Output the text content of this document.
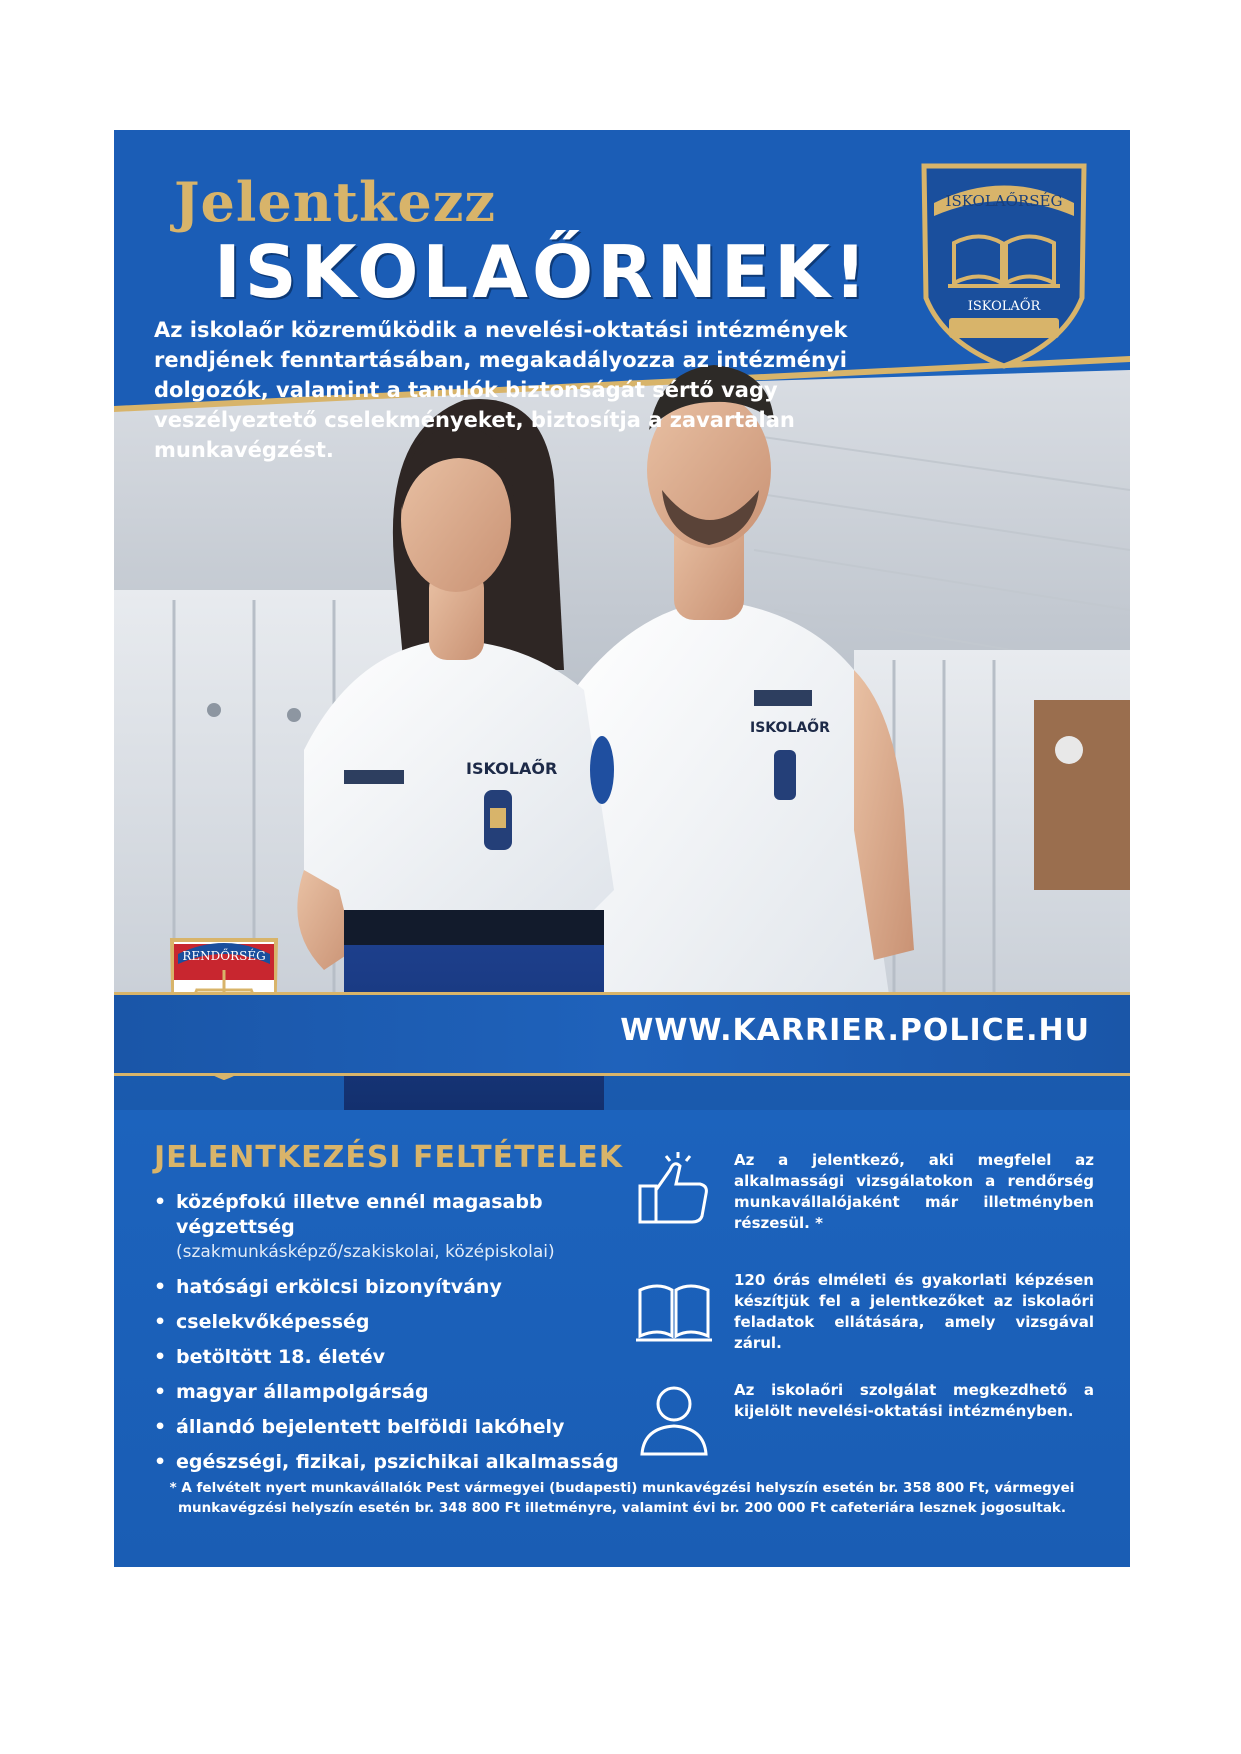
ISKOLAŐR
ISKOLAŐR
Jelentkezz
ISKOLAŐRNEK!

Az iskolaőr közreműködik a nevelési-oktatási intézmények rendjének fenntartásában, megakadályozza az intézményi dolgozók, valamint a tanulók biztonságát sértő vagy veszélyeztető cselekményeket, biztosítja a zavartalan munkavégzést.

ISKOLAŐRSÉG
ISKOLAŐR
RENDŐRSÉG
WWW.KARRIER.POLICE.HU
JELENTKEZÉSI FELTÉTELEK
• középfokú illetve ennél magasabb végzettség
(szakmunkásképző/szakiskolai, középiskolai)
• hatósági erkölcsi bizonyítvány
• cselekvőképesség
• betöltött 18. életév
• magyar állampolgárság
• állandó bejelentett belföldi lakóhely
• egészségi, fizikai, pszichikai alkalmasság

Az a jelentkező, aki megfelel az alkalmassági vizsgálatokon a rendőrség munkavállalójaként már illetményben részesül. *

120 órás elméleti és gyakorlati képzésen készítjük fel a jelentkezőket az iskolaőri feladatok ellátására, amely vizsgával zárul.

Az iskolaőri szolgálat megkezdhető a kijelölt nevelési-oktatási intézményben.

* A felvételt nyert munkavállalók Pest vármegyei (budapesti) munkavégzési helyszín esetén br. 358 800 Ft, vármegyei munkavégzési helyszín esetén br. 348 800 Ft illetményre, valamint évi br. 200 000 Ft cafeteriára lesznek jogosultak.
